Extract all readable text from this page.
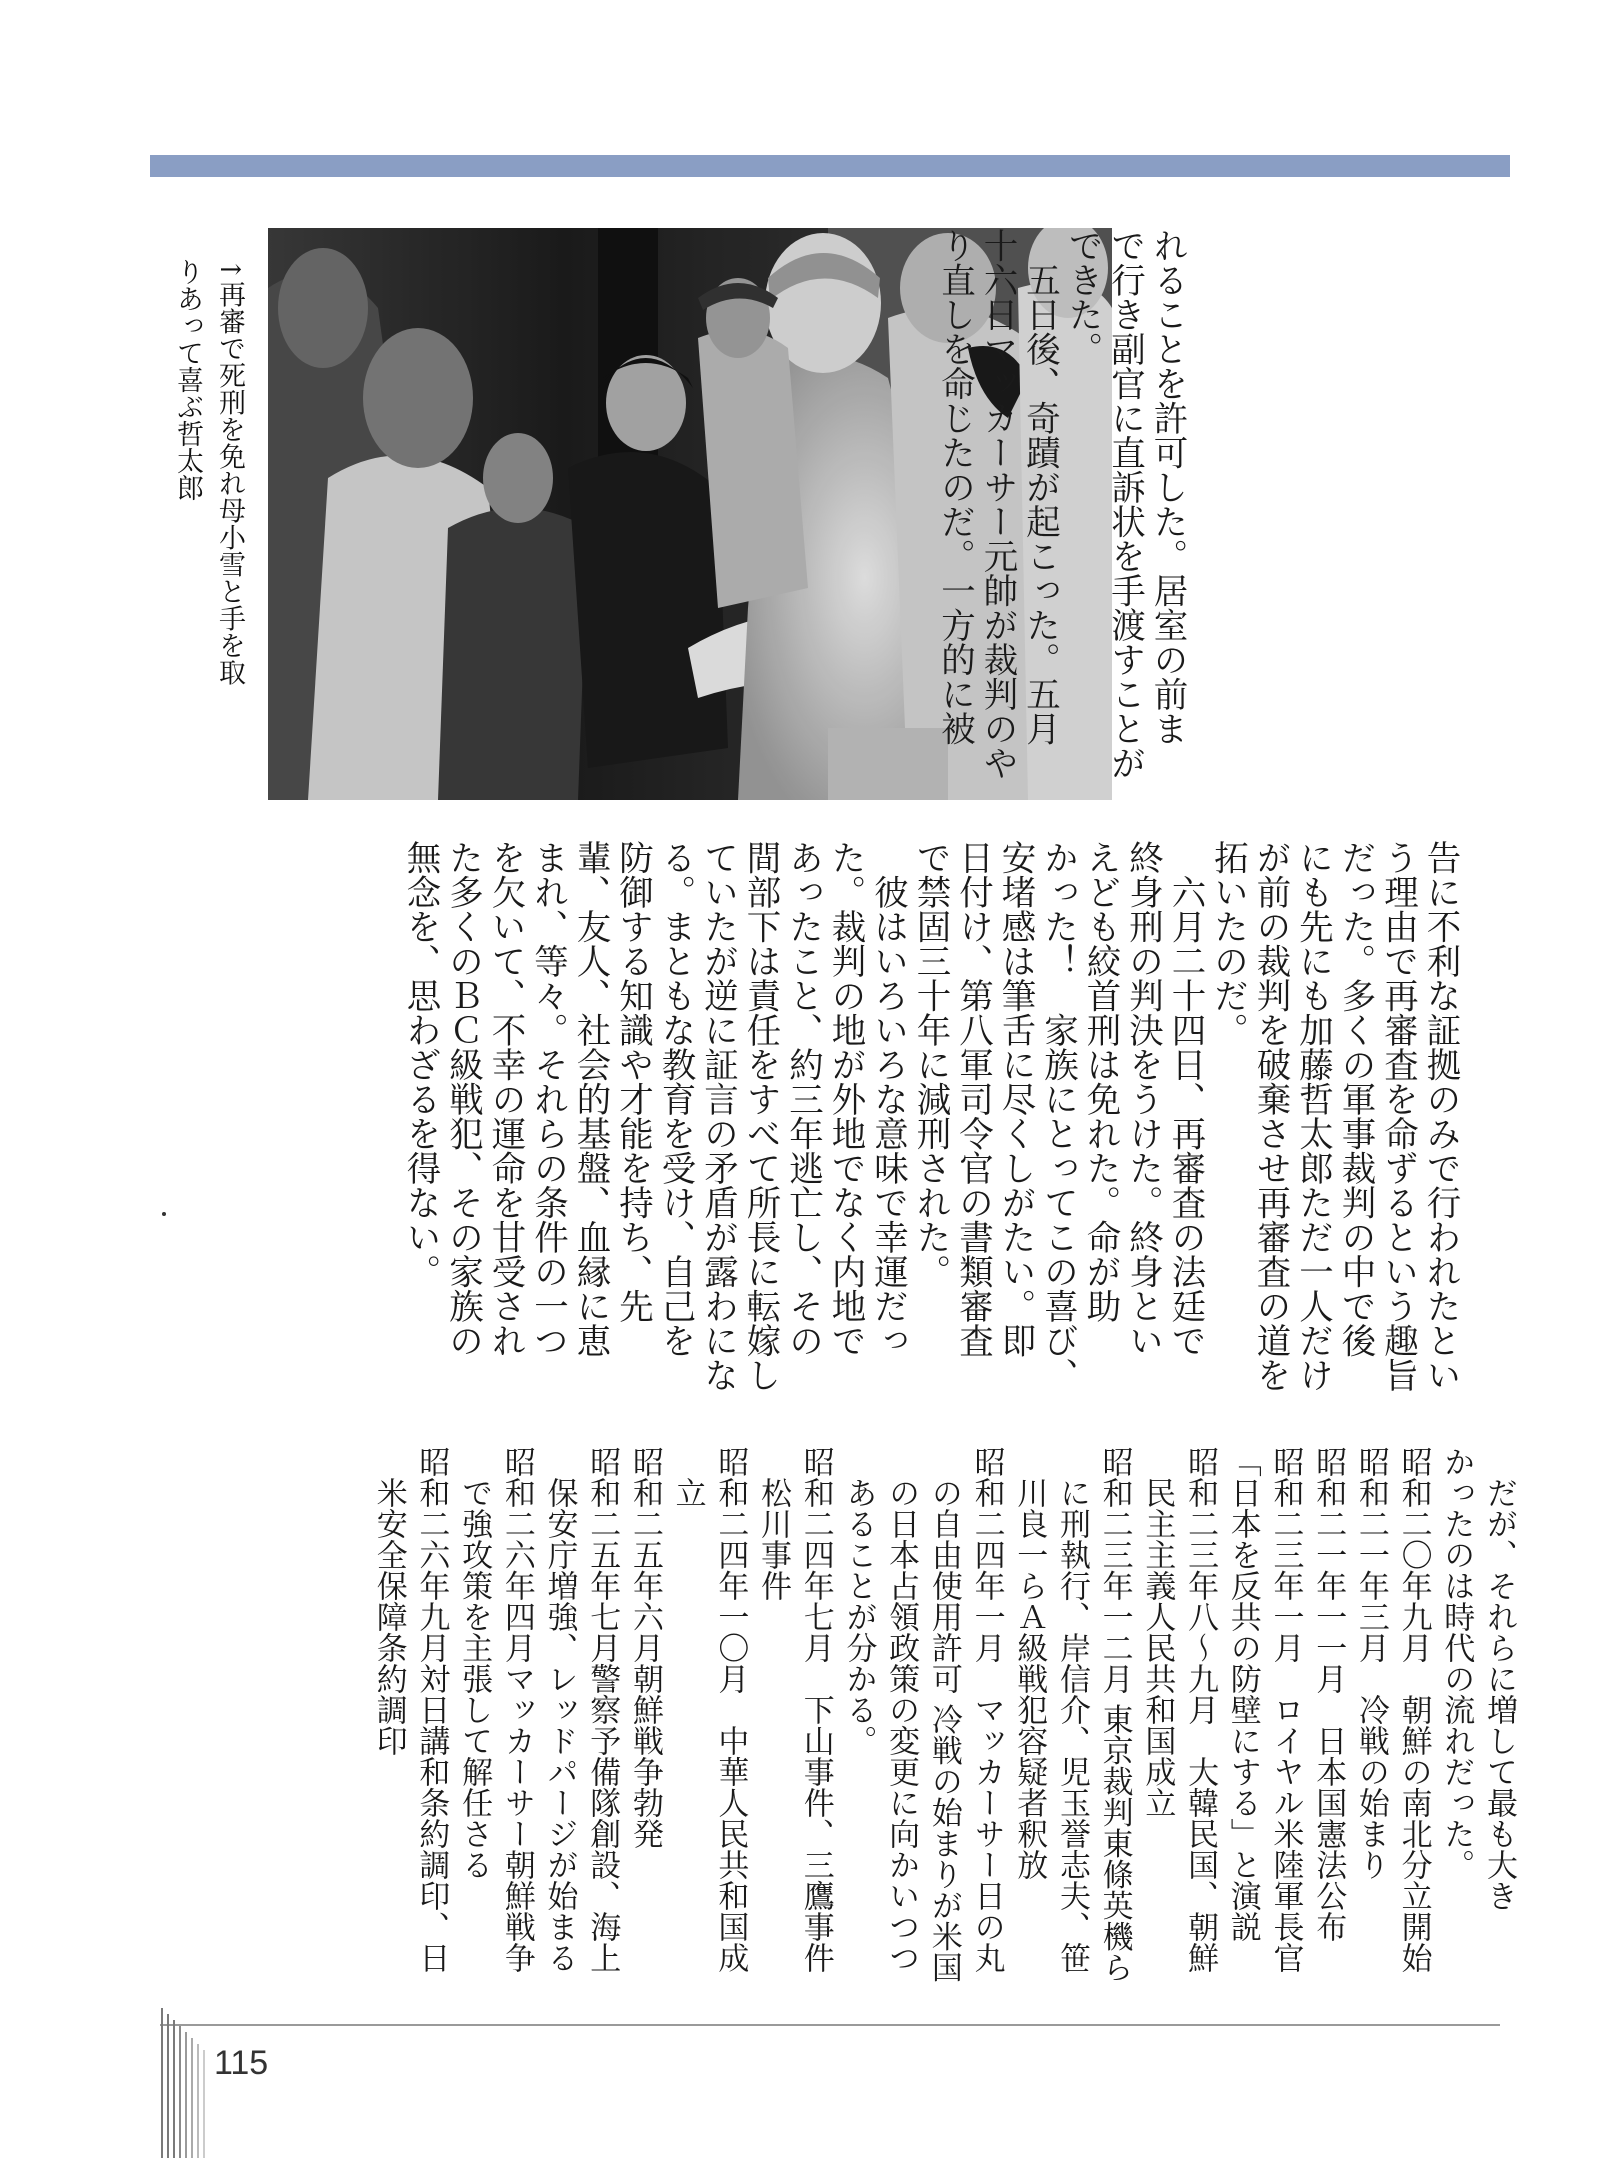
↑再審で死刑を免れ母小雪と手を取
りあって喜ぶ哲太郎	れることを許可した。居室の前ま
で行き副官に直訴状を手渡すことが
できた。
　五日後、奇蹟が起こった。五月
十六日マッカーサー元帥が裁判のや
り直しを命じたのだ。一方的に被
告に不利な証拠のみで行われたとい
う理由で再審査を命ずるという趣旨
だった。多くの軍事裁判の中で後
にも先にも加藤哲太郎ただ一人だけ
が前の裁判を破棄させ再審査の道を
拓いたのだ。
　六月二十四日、再審査の法廷で
終身刑の判決をうけた。終身とい
えども絞首刑は免れた。命が助
かった！　家族にとってこの喜び、
安堵感は筆舌に尽くしがたい。即
日付け、第八軍司令官の書類審査
で禁固三十年に減刑された。
　彼はいろいろな意味で幸運だっ
た。裁判の地が外地でなく内地で
あったこと、約三年逃亡し、その
間部下は責任をすべて所長に転嫁し
ていたが逆に証言の矛盾が露わにな
る。まともな教育を受け、自己を
防御する知識や才能を持ち、先
輩、友人、社会的基盤、血縁に恵
まれ、等々。それらの条件の一つ
を欠いて、不幸の運命を甘受され
た多くのＢＣ級戦犯、その家族の
無念を、思わざるを得ない。
　だが、それらに増して最も大き
かったのは時代の流れだった。
昭和二〇年九月　朝鮮の南北分立開始
昭和二一年三月　冷戦の始まり
昭和二一年一一月　日本国憲法公布
昭和二三年一月　ロイヤル米陸軍長官
「日本を反共の防壁にする」と演説
昭和二三年八～九月　大韓民国、朝鮮
　民主主義人民共和国成立
昭和二三年一二月 東京裁判東條英機ら
　に刑執行、岸信介、児玉誉志夫、笹
　川良一らＡ級戦犯容疑者釈放
昭和二四年一月　マッカーサー日の丸
　の自由使用許可 冷戦の始まりが米国
　の日本占領政策の変更に向かいつつ
　あることが分かる。
昭和二四年七月　下山事件、三鷹事件
　松川事件
昭和二四年一〇月　中華人民共和国成
　立
昭和二五年六月朝鮮戦争勃発
昭和二五年七月警察予備隊創設、海上
　保安庁増強、レッドパージが始まる
昭和二六年四月マッカーサー朝鮮戦争
　で強攻策を主張して解任さる
昭和二六年九月対日講和条約調印、日
　米安全保障条約調印
115
